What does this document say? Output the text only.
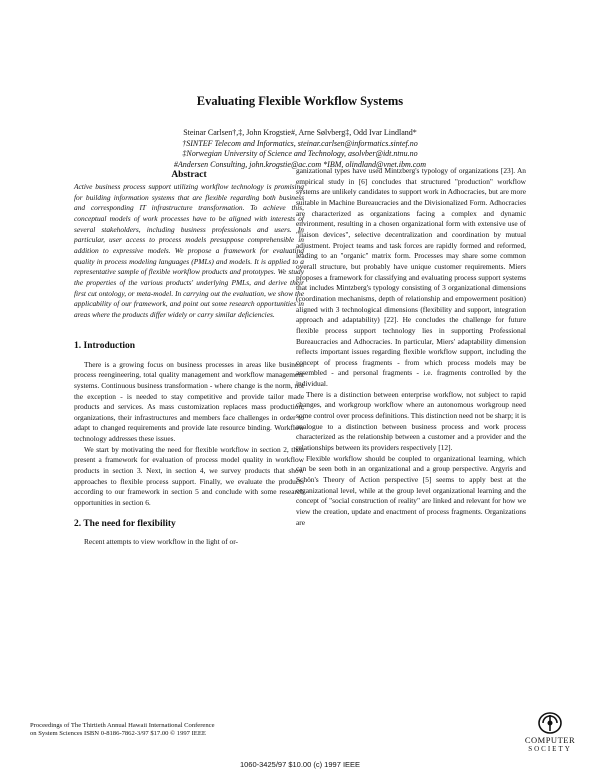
Evaluating Flexible Workflow Systems
Steinar Carlsen†,‡, John Krogstie#, Arne Sølvberg‡, Odd Ivar Lindland*
†SINTEF Telecom and Informatics, steinar.carlsen@informatics.sintef.no
‡Norwegian University of Science and Technology, asolvber@idt.ntnu.no
#Andersen Consulting, john.krogstie@ac.com *IBM, olindland@vnet.ibm.com

Abstract

Active business process support utilizing workflow technology is promising for building information systems that are flexible regarding both business and corresponding IT infrastructure transformation. To achieve this, conceptual models of work processes have to be aligned with interests of several stakeholders, including business professionals and users. In particular, user access to process models presuppose comprehensible in addition to expressive models. We propose a framework for evaluating quality in process modeling languages (PMLs) and models. It is applied to a representative sample of flexible workflow products and prototypes. We study the properties of the various products' underlying PMLs, and derive their first cut ontology, or meta-model. In carrying out the evaluation, we show the applicability of our framework, and point out some research opportunities in areas where the products differ widely or carry similar deficiencies.

1. Introduction

There is a growing focus on business processes in areas like business process reengineering, total quality management and workflow management systems. Continuous business transformation - where change is the norm, not the exception - is needed to stay competitive and provide tailor made products and services. As mass customization replaces mass production, organizations, their infrastructures and members face challenges in order to adapt to changed requirements and provide late resource binding. Workflow technology addresses these issues.

We start by motivating the need for flexible workflow in section 2, then present a framework for evaluation of process model quality in workflow products in section 3. Next, in section 4, we survey products that show approaches to flexible process support. Finally, we evaluate the products according to our framework in section 5 and conclude with some research opportunities in section 6.

2. The need for flexibility

Recent attempts to view workflow in the light of or-

ganizational types have used Mintzberg's typology of organizations [23]. An empirical study in [6] concludes that structured "production" workflow systems are unlikely candidates to support work in Adhocracies, but are more suitable in Machine Bureaucracies and the Divisionalized Form. Adhocracies are characterized as organizations facing a complex and dynamic environment, resulting in a chosen organizational form with extensive use of "liaison devices", selective decentralization and coordination by mutual adjustment. Project teams and task forces are rapidly formed and reformed, leading to an "organic" matrix form. Processes may share some common overall structure, but probably have unique customer requirements. Miers proposes a framework for classifying and evaluating process support systems that includes Mintzberg's typology consisting of 3 organizational dimensions (coordination mechanisms, depth of relationship and empowerment position) aligned with 3 technological dimensions (flexibility and support, integration approach and adaptability) [22]. He concludes the challenge for future flexible process support technology lies in supporting Professional Bureaucracies and Adhocracies. In particular, Miers' adaptability dimension reflects important issues regarding flexible workflow support, including the concept of process fragments - from which process models may be assembled - and personal fragments - i.e. fragments controlled by the individual.

There is a distinction between enterprise workflow, not subject to rapid changes, and workgroup workflow where an autonomous workgroup need some control over process definitions. This distinction need not be sharp; it is analogue to a distinction between business process and work process characterized as the relationship between a customer and a provider and the relationships between its providers respectively [12].

Flexible workflow should be coupled to organizational learning, which can be seen both in an organizational and a group perspective. Argyris and Schön's Theory of Action perspective [5] seems to apply best at the organizational level, while at the group level organizational learning and the concept of "social construction of reality" are linked and relevant for how we view the creation, update and enactment of process fragments. Organizations are

Proceedings of The Thirtieth Annual Hawaii International Conference
on System Sciences ISBN 0-8186-7862-3/97 $17.00 © 1997 IEEE
COMPUTER
SOCIETY
1060-3425/97 $10.00 (c) 1997 IEEE
